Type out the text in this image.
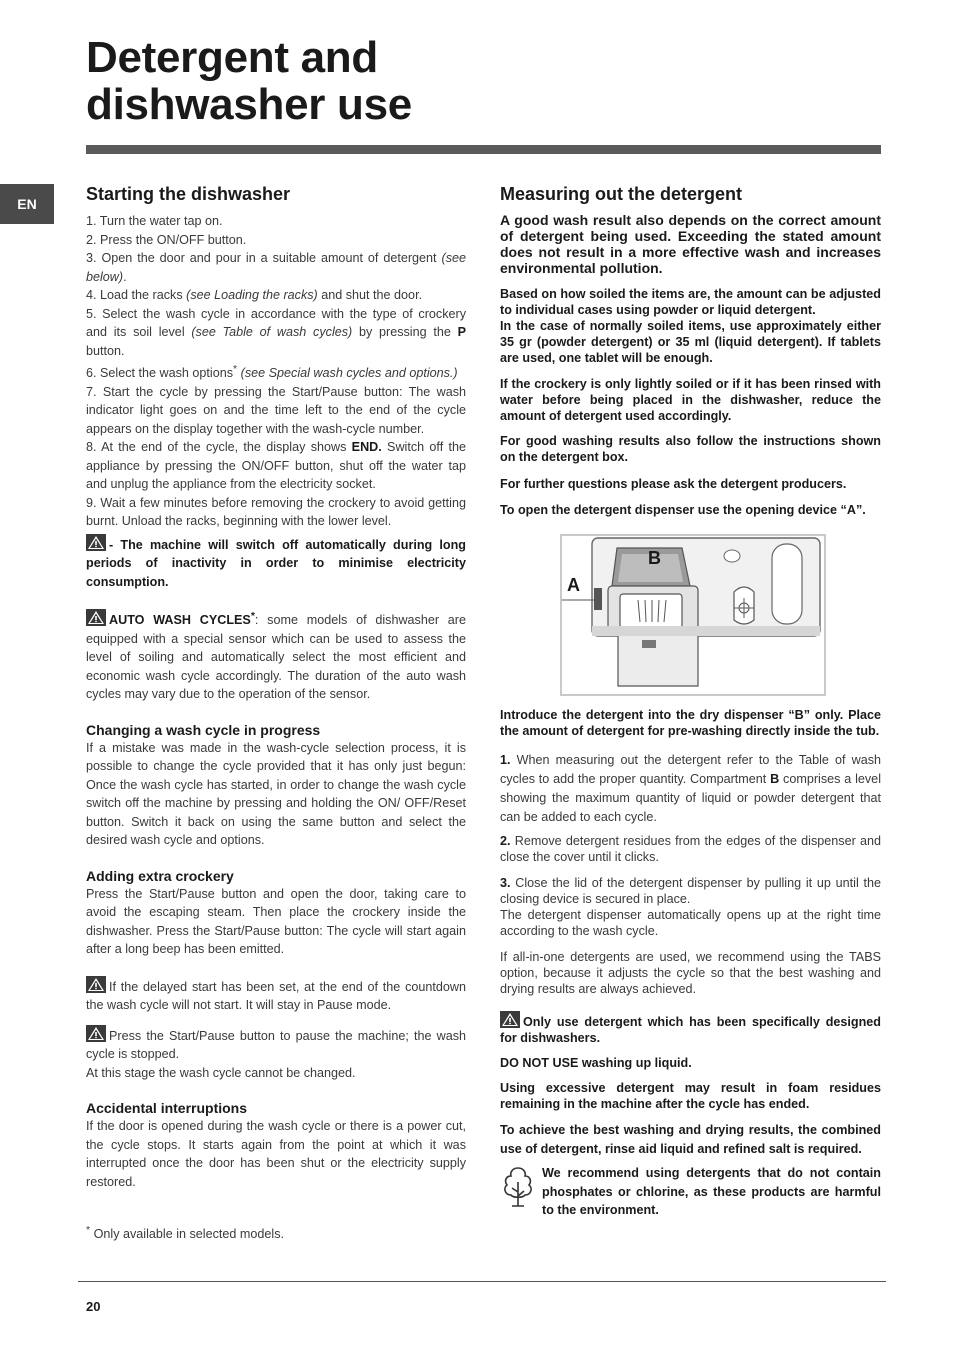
Detergent and
dishwasher use
EN	Starting the dishwasher
1. Turn the water tap on.
2. Press the ON/OFF button.
3. Open the door and pour in a suitable amount of detergent (see below).
4. Load the racks (see Loading the racks) and shut the door.
5. Select the wash cycle in accordance with the type of crockery and its soil level (see Table of wash cycles) by pressing the P button.
6. Select the wash options* (see Special wash cycles and options.)
7. Start the cycle by pressing the Start/Pause button: The wash indicator light goes on and the time left to the end of the cycle appears on the display together with the wash-cycle number.
8. At the end of the cycle, the display shows END. Switch off the appliance by pressing the ON/OFF button, shut off the water tap and unplug the appliance from the electricity socket.
9. Wait a few minutes before removing the crockery to avoid getting burnt. Unload the racks, beginning with the lower level.

- The machine will switch off automatically during long periods of inactivity in order to minimise electricity consumption.

AUTO WASH CYCLES*: some models of dishwasher are equipped with a special sensor which can be used to assess the level of soiling and automatically select the most efficient and economic wash cycle accordingly. The duration of the auto wash cycles may vary due to the operation of the sensor.

Changing a wash cycle in progress

If a mistake was made in the wash-cycle selection process, it is possible to change the cycle provided that it has only just begun: Once the wash cycle has started, in order to change the wash cycle switch off the machine by pressing and holding the ON/ OFF/Reset button. Switch it back on using the same button and select the desired wash cycle and options.

Adding extra crockery

Press the Start/Pause button and open the door, taking care to avoid the escaping steam. Then place the crockery inside the dishwasher. Press the Start/Pause button: The cycle will start again after a long beep has been emitted.

If the delayed start has been set, at the end of the countdown the wash cycle will not start. It will stay in Pause mode.

Press the Start/Pause button to pause the machine; the wash cycle is stopped.

At this stage the wash cycle cannot be changed.

Accidental interruptions

If the door is opened during the wash cycle or there is a power cut, the cycle stops. It starts again from the point at which it was interrupted once the door has been shut or the electricity supply restored.

* Only available in selected models.

Measuring out the detergent

A good wash result also depends on the correct amount of detergent being used. Exceeding the stated amount does not result in a more effective wash and increases environmental pollution.

Based on how soiled the items are, the amount can be adjusted to individual cases using powder or liquid detergent.

In the case of normally soiled items, use approximately either 35 gr (powder detergent) or 35 ml (liquid detergent). If tablets are used, one tablet will be enough.

If the crockery is only lightly soiled or if it has been rinsed with water before being placed in the dishwasher, reduce the amount of detergent used accordingly.

For good washing results also follow the instructions shown on the detergent box.

For further questions please ask the detergent producers.

To open the detergent dispenser use the opening device “A”.

A
B

Introduce the detergent into the dry dispenser “B” only. Place the amount of detergent for pre-washing directly inside the tub.

1. When measuring out the detergent refer to the Table of wash cycles to add the proper quantity. Compartment B comprises a level showing the maximum quantity of liquid or powder detergent that can be added to each cycle.

2. Remove detergent residues from the edges of the dispenser and close the cover until it clicks.

3. Close the lid of the detergent dispenser by pulling it up until the closing device is secured in place.

The detergent dispenser automatically opens up at the right time according to the wash cycle.

If all-in-one detergents are used, we recommend using the TABS option, because it adjusts the cycle so that the best washing and drying results are always achieved.

Only use detergent which has been specifically designed for dishwashers.

DO NOT USE washing up liquid.

Using excessive detergent may result in foam residues remaining in the machine after the cycle has ended.

To achieve the best washing and drying results, the combined use of detergent, rinse aid liquid and refined salt is required.

We recommend using detergents that do not contain phosphates or chlorine, as these products are harmful to the environment.

20
